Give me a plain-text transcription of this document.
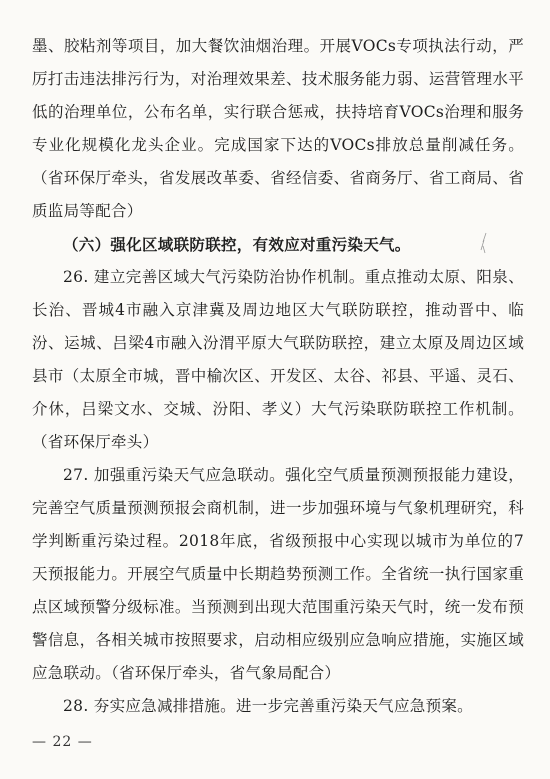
墨、胶粘剂等项目，加大餐饮油烟治理。开展VOCs专项执法行动，严厉打击违法排污行为，对治理效果差、技术服务能力弱、运营管理水平低的治理单位，公布名单，实行联合惩戒，扶持培育VOCs治理和服务专业化规模化龙头企业。完成国家下达的VOCs排放总量削减任务。（省环保厅牵头，省发展改革委、省经信委、省商务厅、省工商局、省质监局等配合）

（六）强化区域联防联控，有效应对重污染天气。

26. 建立完善区域大气污染防治协作机制。重点推动太原、阳泉、长治、晋城4市融入京津冀及周边地区大气联防联控，推动晋中、临汾、运城、吕梁4市融入汾渭平原大气联防联控，建立太原及周边区域县市（太原全市城，晋中榆次区、开发区、太谷、祁县、平遥、灵石、介休，吕梁文水、交城、汾阳、孝义）大气污染联防联控工作机制。（省环保厅牵头）

27. 加强重污染天气应急联动。强化空气质量预测预报能力建设，完善空气质量预测预报会商机制，进一步加强环境与气象机理研究，科学判断重污染过程。2018年底，省级预报中心实现以城市为单位的7天预报能力。开展空气质量中长期趋势预测工作。全省统一执行国家重点区域预警分级标准。当预测到出现大范围重污染天气时，统一发布预警信息，各相关城市按照要求，启动相应级别应急响应措施，实施区域应急联动。（省环保厅牵头，省气象局配合）

28. 夯实应急减排措施。进一步完善重污染天气应急预案。

— 22 —
